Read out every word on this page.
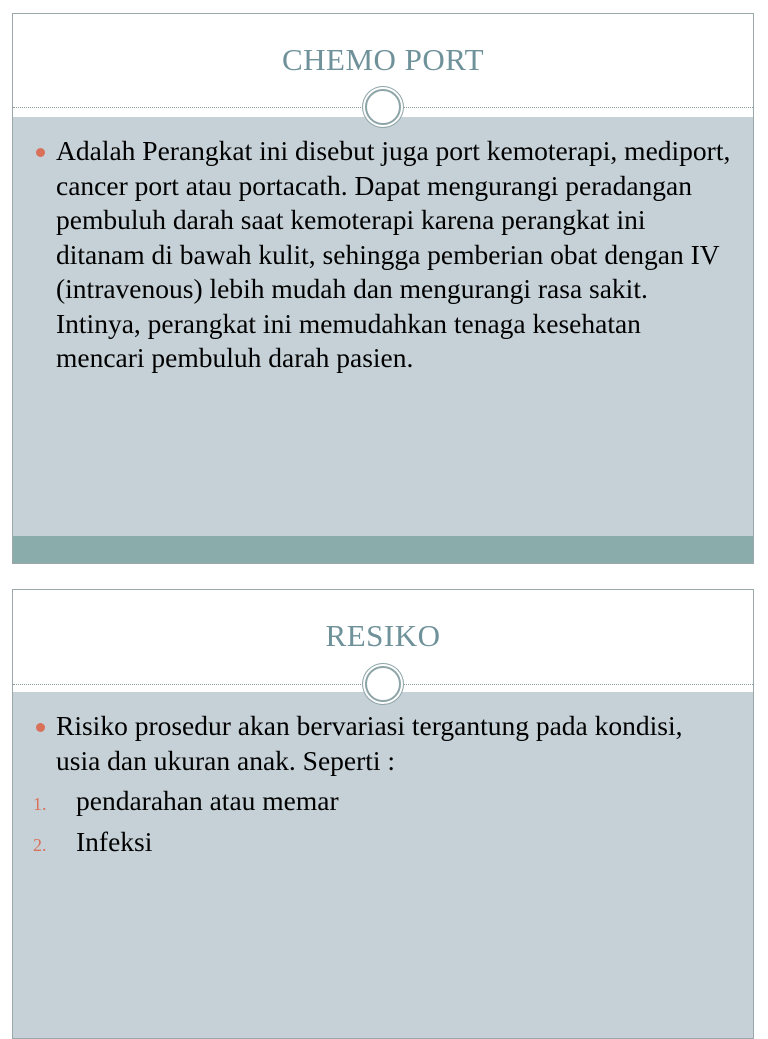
CHEMO PORT
Adalah Perangkat ini disebut juga port kemoterapi, mediport, cancer port atau portacath. Dapat mengurangi peradangan pembuluh darah saat kemoterapi karena perangkat ini ditanam di bawah kulit, sehingga pemberian obat dengan IV (intravenous) lebih mudah dan mengurangi rasa sakit. Intinya, perangkat ini memudahkan tenaga kesehatan mencari pembuluh darah pasien.
RESIKO
Risiko prosedur akan bervariasi tergantung pada kondisi, usia dan ukuran anak. Seperti :
1. pendarahan atau memar
2. Infeksi
